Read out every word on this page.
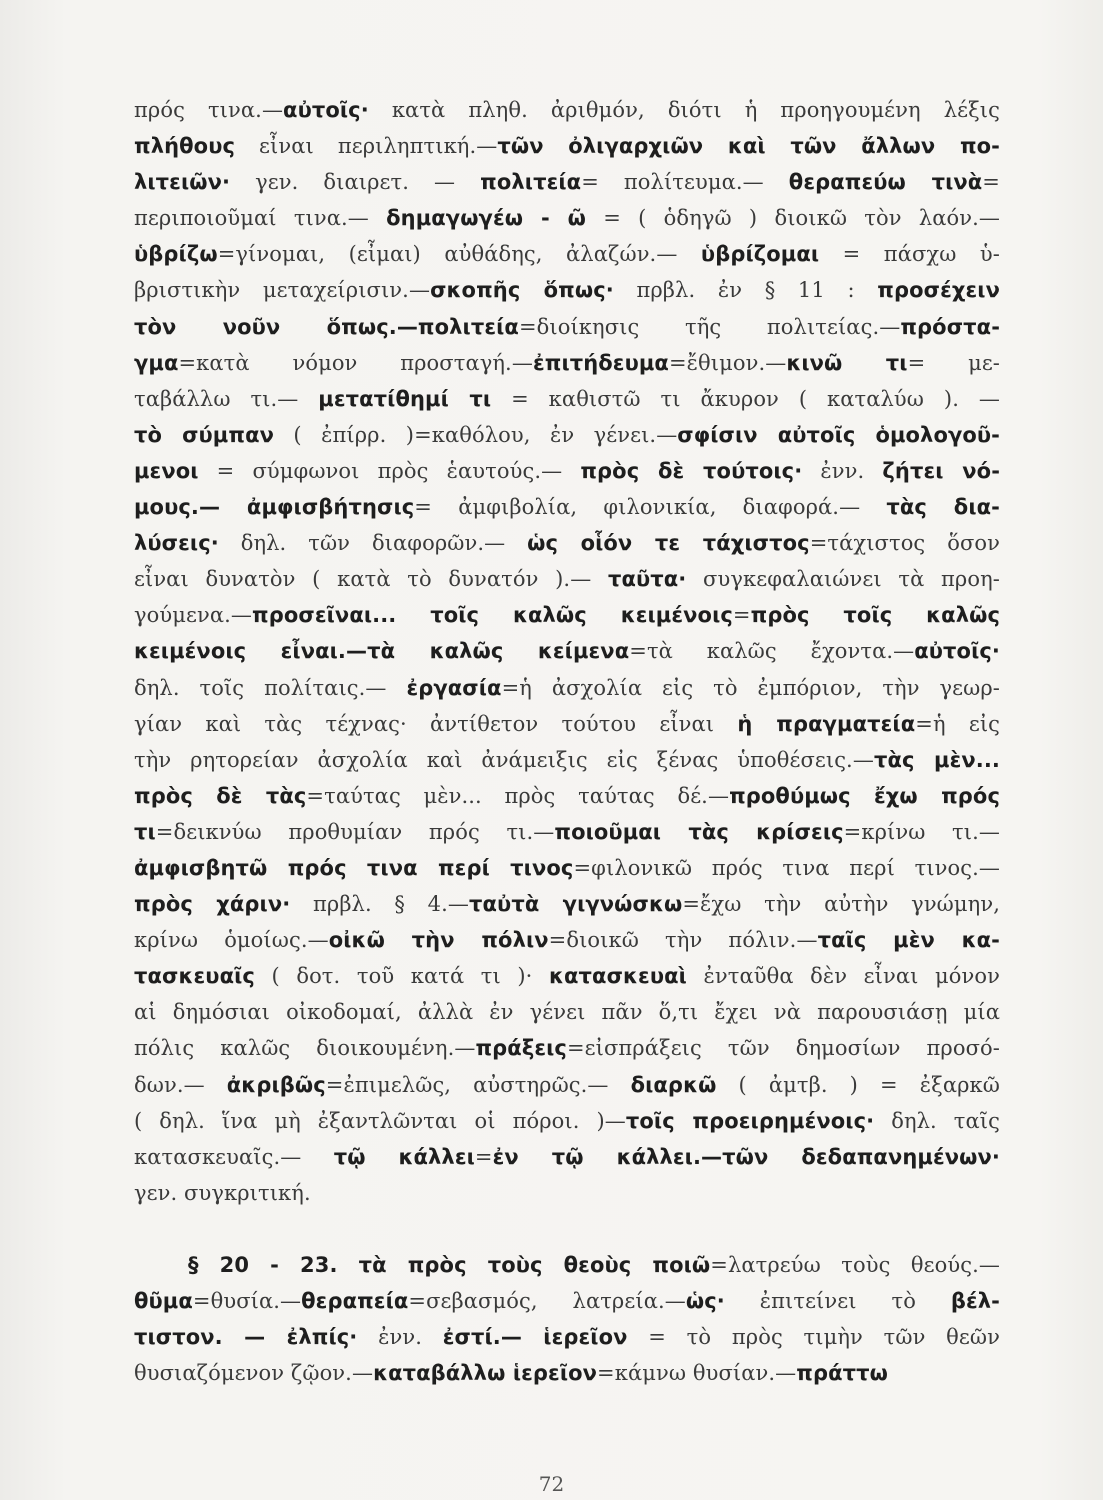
πρός τινα.—αὐτοῖς· κατὰ πληθ. ἀριθμόν, διότι ἡ προηγουμένη λέξις
πλήθους εἶναι περιληπτική.—τῶν ὀλιγαρχιῶν καὶ τῶν ἄλλων πο-
λιτειῶν· γεν. διαιρετ. — πολιτεία= πολίτευμα.— θεραπεύω τινὰ=
περιποιοῦμαί τινα.— δημαγωγέω - ῶ = ( ὁδηγῶ ) διοικῶ τὸν λαόν.—
ὑβρίζω=γίνομαι, (εἶμαι) αὐθάδης, ἀλαζών.— ὑβρίζομαι = πάσχω ὑ-
βριστικὴν μεταχείρισιν.—σκοπῆς ὅπως· πρβλ. ἐν § 11 : προσέχειν
τὸν νοῦν ὅπως.—πολιτεία=διοίκησις τῆς πολιτείας.—πρόστα-
γμα=κατὰ νόμον προσταγή.—ἐπιτήδευμα=ἔθιμον.—κινῶ τι= με-
ταβάλλω τι.— μετατίθημί τι = καθιστῶ τι ἄκυρον ( καταλύω ). —
τὸ σύμπαν ( ἐπίρρ. )=καθόλου, ἐν γένει.—σφίσιν αὐτοῖς ὁμολογοῦ-
μενοι = σύμφωνοι πρὸς ἑαυτούς.— πρὸς δὲ τούτοις· ἐνν. ζήτει νό-
μους.— ἀμφισβήτησις= ἀμφιβολία, φιλονικία, διαφορά.— τὰς δια-
λύσεις· δηλ. τῶν διαφορῶν.— ὡς οἷόν τε τάχιστος=τάχιστος ὅσον
εἶναι δυνατὸν ( κατὰ τὸ δυνατόν ).— ταῦτα· συγκεφαλαιώνει τὰ προη-
γούμενα.—προσεῖναι... τοῖς καλῶς κειμένοις=πρὸς τοῖς καλῶς
κειμένοις εἶναι.—τὰ καλῶς κείμενα=τὰ καλῶς ἔχοντα.—αὐτοῖς·
δηλ. τοῖς πολίταις.— ἐργασία=ἡ ἀσχολία εἰς τὸ ἐμπόριον, τὴν γεωρ-
γίαν καὶ τὰς τέχνας· ἀντίθετον τούτου εἶναι ἡ πραγματεία=ἡ εἰς
τὴν ρητορείαν ἀσχολία καὶ ἀνάμειξις εἰς ξένας ὑποθέσεις.—τὰς μὲν...
πρὸς δὲ τὰς=ταύτας μὲν... πρὸς ταύτας δέ.—προθύμως ἔχω πρός
τι=δεικνύω προθυμίαν πρός τι.—ποιοῦμαι τὰς κρίσεις=κρίνω τι.—
ἀμφισβητῶ πρός τινα περί τινος=φιλονικῶ πρός τινα περί τινος.—
πρὸς χάριν· πρβλ. § 4.—ταὐτὰ γιγνώσκω=ἔχω τὴν αὐτὴν γνώμην,
κρίνω ὁμοίως.—οἰκῶ τὴν πόλιν=διοικῶ τὴν πόλιν.—ταῖς μὲν κα-
τασκευαῖς ( δοτ. τοῦ κατά τι )· κατασκευαὶ ἐνταῦθα δὲν εἶναι μόνον
αἱ δημόσιαι οἰκοδομαί, ἀλλὰ ἐν γένει πᾶν ὅ,τι ἔχει νὰ παρουσιάσῃ μία
πόλις καλῶς διοικουμένη.—πράξεις=εἰσπράξεις τῶν δημοσίων προσό-
δων.— ἀκριβῶς=ἐπιμελῶς, αὐστηρῶς.— διαρκῶ ( ἀμτβ. ) = ἐξαρκῶ
( δηλ. ἵνα μὴ ἐξαντλῶνται οἱ πόροι. )—τοῖς προειρημένοις· δηλ. ταῖς
κατασκευαῖς.— τῷ κάλλει=ἐν τῷ κάλλει.—τῶν δεδαπανημένων·
γεν. συγκριτική.
§ 20 - 23. τὰ πρὸς τοὺς θεοὺς ποιῶ=λατρεύω τοὺς θεούς.—
θῦμα=θυσία.—θεραπεία=σεβασμός, λατρεία.—ὡς· ἐπιτείνει τὸ βέλ-
τιστον. — ἐλπίς· ἐνν. ἐστί.— ἱερεῖον = τὸ πρὸς τιμὴν τῶν θεῶν
θυσιαζόμενον ζῷον.—καταβάλλω ἱερεῖον=κάμνω θυσίαν.—πράττω
72
